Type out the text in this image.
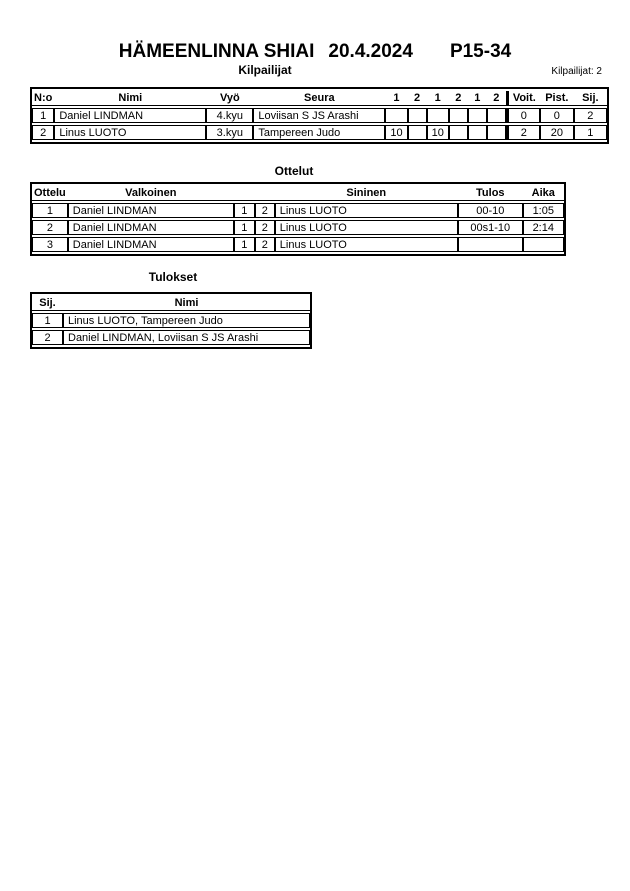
HÄMEENLINNA SHIAI 20.4.2024 P15-34
Kilpailijat	Kilpailijat: 2
N:o	Nimi	Vyö	Seura	1	2	1	2	1	2	Voit.	Pist.	Sij.
1	Daniel LINDMAN	4.kyu	Loviisan S JS Arashi							0	0	2
2	Linus LUOTO	3.kyu	Tampereen Judo	10		10				2	20	1
Ottelut
Ottelu	Valkoinen			Sininen	Tulos	Aika
1	Daniel LINDMAN	1	2	Linus LUOTO	00-10	1:05
2	Daniel LINDMAN	1	2	Linus LUOTO	00s1-10	2:14
3	Daniel LINDMAN	1	2	Linus LUOTO		
Tulokset
Sij.	Nimi
1	Linus LUOTO, Tampereen Judo
2	Daniel LINDMAN, Loviisan S JS Arashi
